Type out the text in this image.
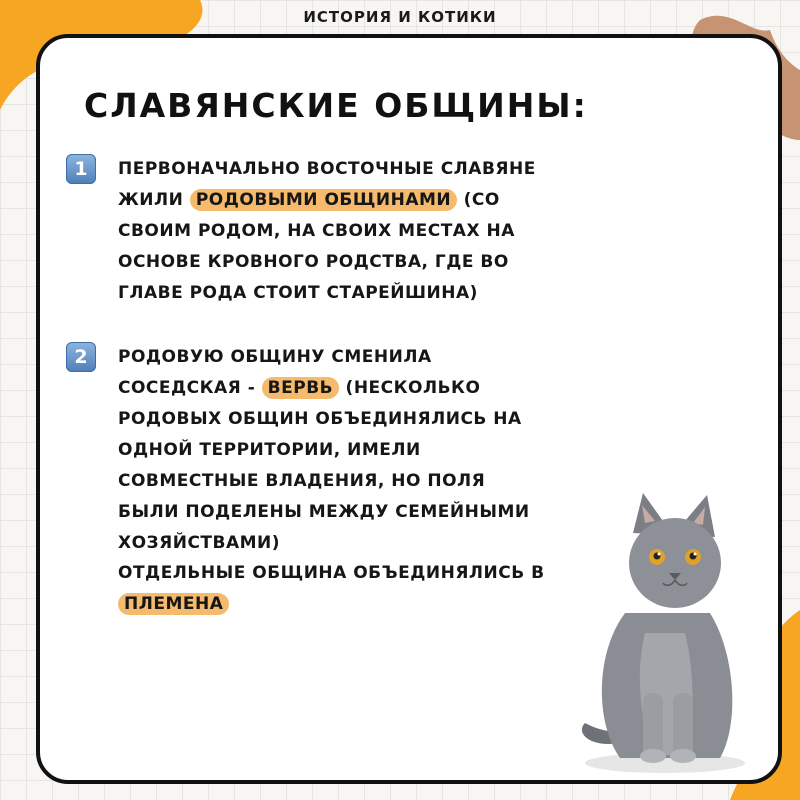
ИСТОРИЯ И КОТИКИ
СЛАВЯНСКИЕ ОБЩИНЫ:
1	ПЕРВОНАЧАЛЬНО ВОСТОЧНЫЕ СЛАВЯНЕ ЖИЛИ РОДОВЫМИ ОБЩИНАМИ (СО СВОИМ РОДОМ, НА СВОИХ МЕСТАХ НА ОСНОВЕ КРОВНОГО РОДСТВА, ГДЕ ВО ГЛАВЕ РОДА СТОИТ СТАРЕЙШИНА)

2	РОДОВУЮ ОБЩИНУ СМЕНИЛА СОСЕДСКАЯ - ВЕРВЬ (НЕСКОЛЬКО РОДОВЫХ ОБЩИН ОБЪЕДИНЯЛИСЬ НА ОДНОЙ ТЕРРИТОРИИ, ИМЕЛИ СОВМЕСТНЫЕ ВЛАДЕНИЯ, НО ПОЛЯ БЫЛИ ПОДЕЛЕНЫ МЕЖДУ СЕМЕЙНЫМИ ХОЗЯЙСТВАМИ)

ОТДЕЛЬНЫЕ ОБЩИНА ОБЪЕДИНЯЛИСЬ В ПЛЕМЕНА
